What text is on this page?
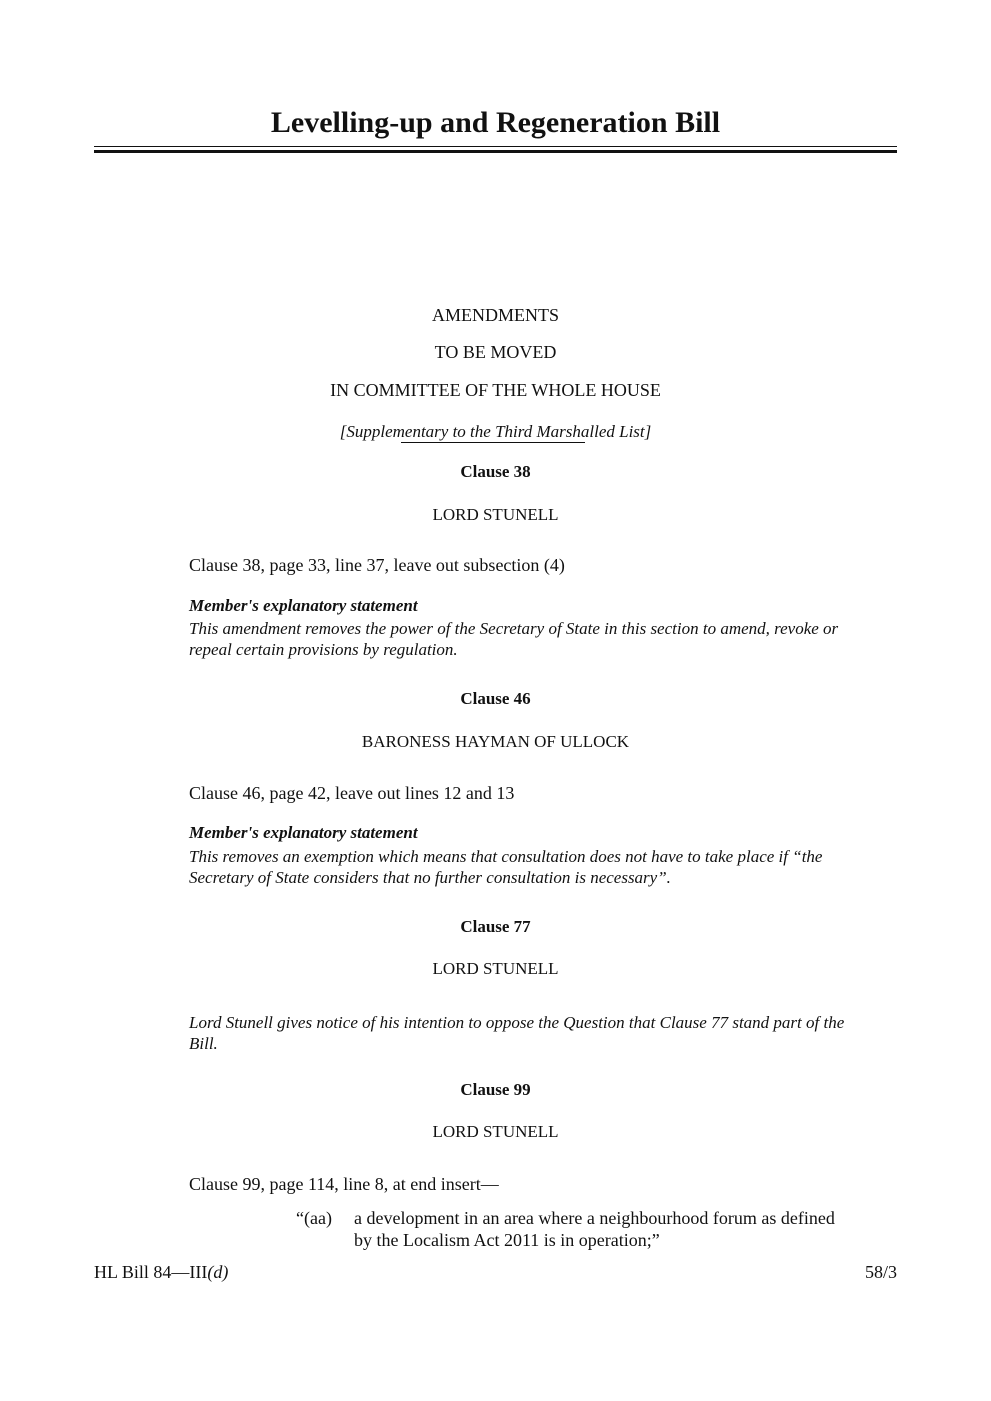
Levelling-up and Regeneration Bill
AMENDMENTS
TO BE MOVED
IN COMMITTEE OF THE WHOLE HOUSE
[Supplementary to the Third Marshalled List]
Clause 38
LORD STUNELL
Clause 38, page 33, line 37, leave out subsection (4)
Member's explanatory statement
This amendment removes the power of the Secretary of State in this section to amend, revoke or
repeal certain provisions by regulation.
Clause 46
BARONESS HAYMAN OF ULLOCK
Clause 46, page 42, leave out lines 12 and 13
Member's explanatory statement
This removes an exemption which means that consultation does not have to take place if “the
Secretary of State considers that no further consultation is necessary”.
Clause 77
LORD STUNELL
Lord Stunell gives notice of his intention to oppose the Question that Clause 77 stand part of the
Bill.
Clause 99
LORD STUNELL
Clause 99, page 114, line 8, at end insert—
“(aa)	a development in an area where a neighbourhood forum as defined
by the Localism Act 2011 is in operation;”
HL Bill 84—III(d)	58/3
